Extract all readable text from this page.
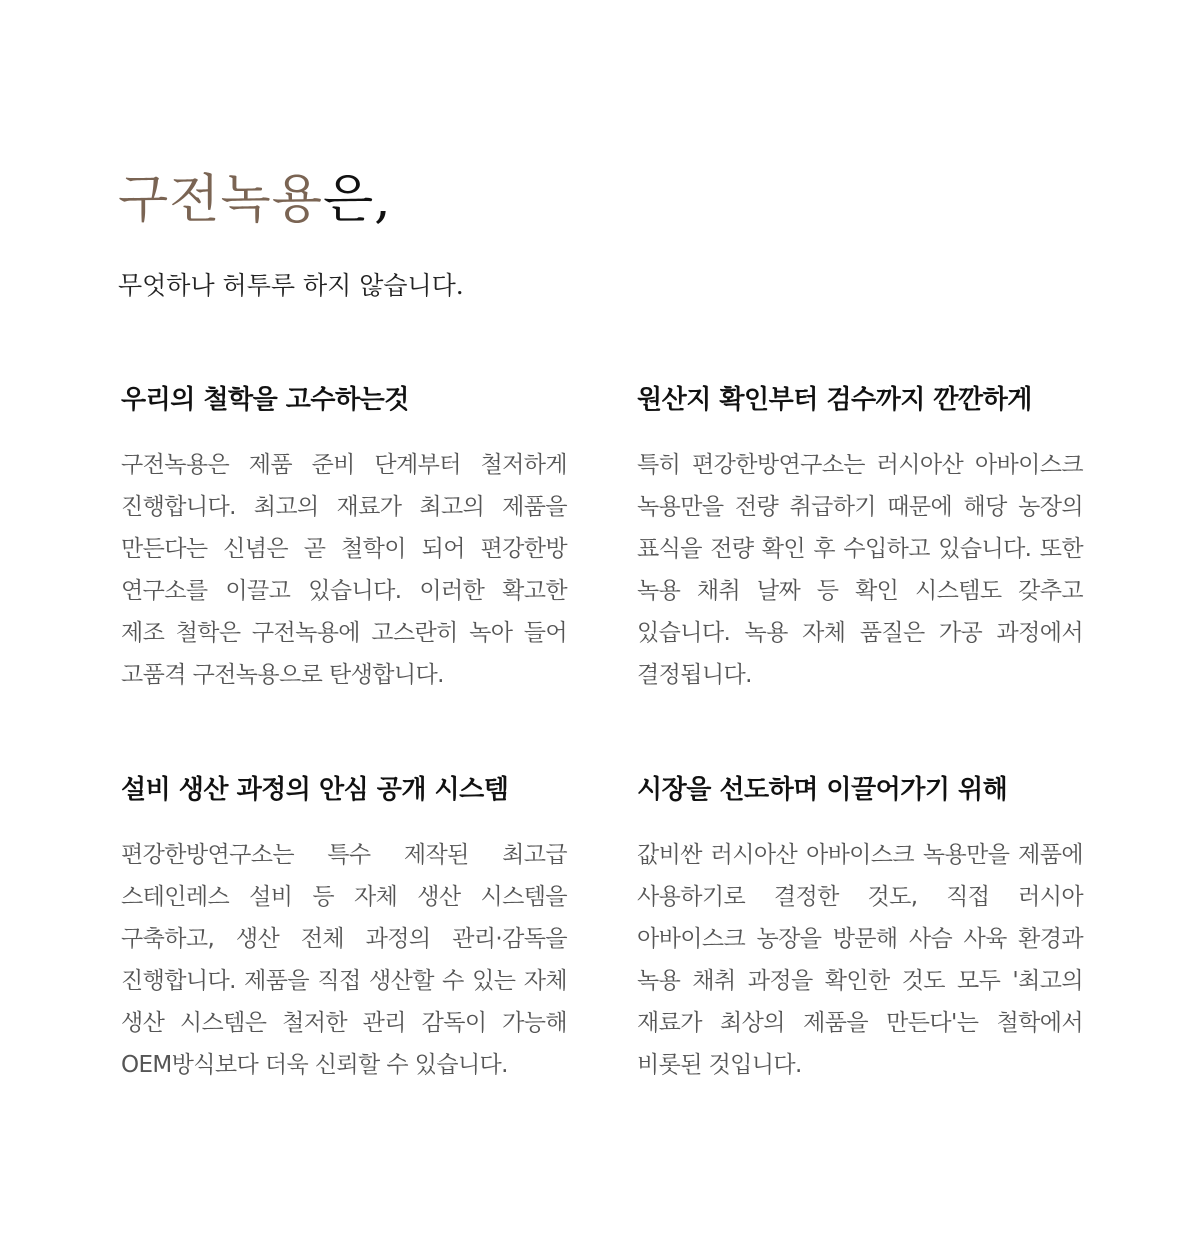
구전녹용은,

무엇하나 허투루 하지 않습니다.

우리의 철학을 고수하는것

구전녹용은 제품 준비 단계부터 철저하게 진행합니다. 최고의 재료가 최고의 제품을 만든다는 신념은 곧 철학이 되어 편강한방 연구소를 이끌고 있습니다. 이러한 확고한 제조 철학은 구전녹용에 고스란히 녹아 들어 고품격 구전녹용으로 탄생합니다.

원산지 확인부터 검수까지 깐깐하게

특히 편강한방연구소는 러시아산 아바이스크 녹용만을 전량 취급하기 때문에 해당 농장의 표식을 전량 확인 후 수입하고 있습니다. 또한 녹용 채취 날짜 등 확인 시스템도 갖추고 있습니다. 녹용 자체 품질은 가공 과정에서 결정됩니다.

설비 생산 과정의 안심 공개 시스템

편강한방연구소는 특수 제작된 최고급 스테인레스 설비 등 자체 생산 시스템을 구축하고, 생산 전체 과정의 관리·감독을 진행합니다. 제품을 직접 생산할 수 있는 자체 생산 시스템은 철저한 관리 감독이 가능해 OEM방식보다 더욱 신뢰할 수 있습니다.

시장을 선도하며 이끌어가기 위해

값비싼 러시아산 아바이스크 녹용만을 제품에 사용하기로 결정한 것도, 직접 러시아 아바이스크 농장을 방문해 사슴 사육 환경과 녹용 채취 과정을 확인한 것도 모두 '최고의 재료가 최상의 제품을 만든다'는 철학에서 비롯된 것입니다.
